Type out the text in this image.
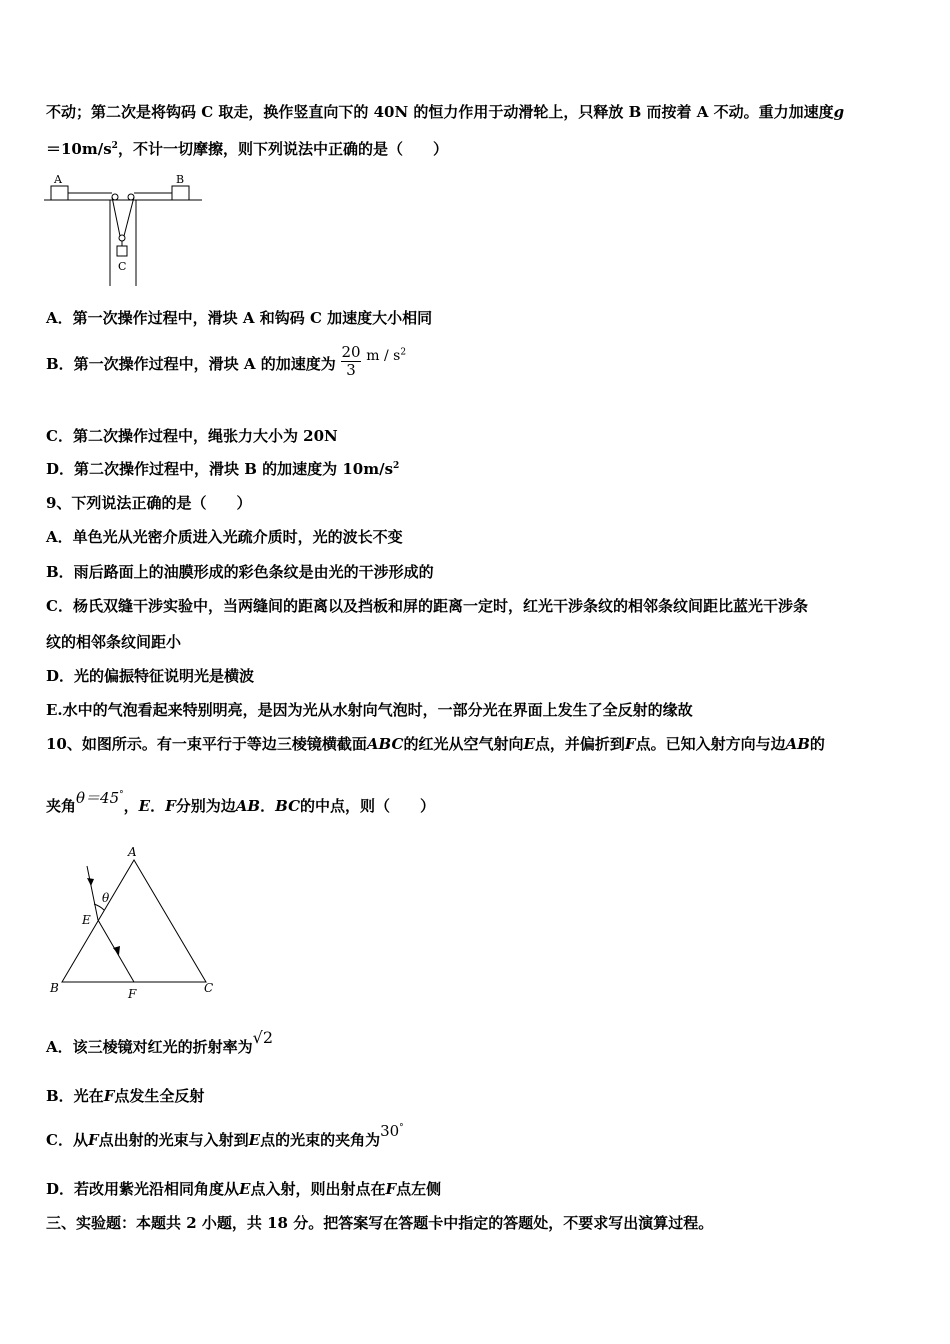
不动；第二次是将钩码 C 取走，换作竖直向下的 40N 的恒力作用于动滑轮上，只释放 B 而按着 A 不动。重力加速度g
$=10m/s^2$，不计一切摩擦，则下列说法中正确的是（　　）
A	B
C
A．第一次操作过程中，滑块 A 和钩码 C 加速度大小相同
B．第一次操作过程中，滑块 A 的加速度为 $\frac{20}{3}$ m / $s^2$
C．第二次操作过程中，绳张力大小为 20N
D．第二次操作过程中，滑块 B 的加速度为 $10m/s^2$
9、下列说法正确的是（　　）
A．单色光从光密介质进入光疏介质时，光的波长不变
B．雨后路面上的油膜形成的彩色条纹是由光的干涉形成的
C．杨氏双缝干涉实验中，当两缝间的距离以及挡板和屏的距离一定时，红光干涉条纹的相邻条纹间距比蓝光干涉条
纹的相邻条纹间距小
D．光的偏振特征说明光是横波
E.水中的气泡看起来特别明亮，是因为光从水射向气泡时，一部分光在界面上发生了全反射的缘故
10、如图所示。有一束平行于等边三棱镜横截面ABC的红光从空气射向E点，并偏折到F点。已知入射方向与边AB的
夹角θ＝45°，E．F分别为边AB．BC的中点，则（　　）
θ
A
B	C
E
F
A．该三棱镜对红光的折射率为√2
B．光在F点发生全反射
C．从F点出射的光束与入射到E点的光束的夹角为30°
D．若改用紫光沿相同角度从E点入射，则出射点在F点左侧
三、实验题：本题共 2 小题，共 18 分。把答案写在答题卡中指定的答题处，不要求写出演算过程。
